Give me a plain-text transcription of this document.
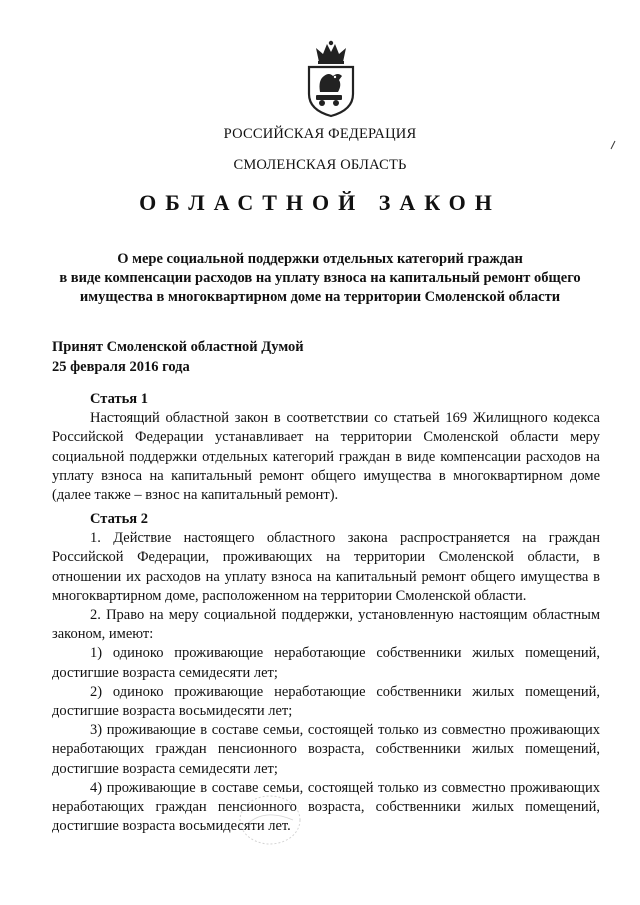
РОССИЙСКАЯ ФЕДЕРАЦИЯ
СМОЛЕНСКАЯ ОБЛАСТЬ
ОБЛАСТНОЙ ЗАКОН
О мере социальной поддержки отдельных категорий граждан
в виде компенсации расходов на уплату взноса на капитальный ремонт общего
имущества в многоквартирном доме на территории Смоленской области
Принят Смоленской областной Думой
25 февраля 2016 года

Статья 1

Настоящий областной закон в соответствии со статьей 169 Жилищного кодекса Российской Федерации устанавливает на территории Смоленской области меру социальной поддержки отдельных категорий граждан в виде компенсации расходов на уплату взноса на капитальный ремонт общего имущества в многоквартирном доме (далее также – взнос на капитальный ремонт).

Статья 2

1. Действие настоящего областного закона распространяется на граждан Российской Федерации, проживающих на территории Смоленской области, в отношении их расходов на уплату взноса на капитальный ремонт общего имущества в многоквартирном доме, расположенном на территории Смоленской области.

2. Право на меру социальной поддержки, установленную настоящим областным законом, имеют:

1) одиноко проживающие неработающие собственники жилых помещений, достигшие возраста семидесяти лет;

2) одиноко проживающие неработающие собственники жилых помещений, достигшие возраста восьмидесяти лет;

3) проживающие в составе семьи, состоящей только из совместно проживающих неработающих граждан пенсионного возраста, собственники жилых помещений, достигшие возраста семидесяти лет;

4) проживающие в составе семьи, состоящей только из совместно проживающих неработающих граждан пенсионного возраста, собственники жилых помещений, достигшие возраста восьмидесяти лет.
